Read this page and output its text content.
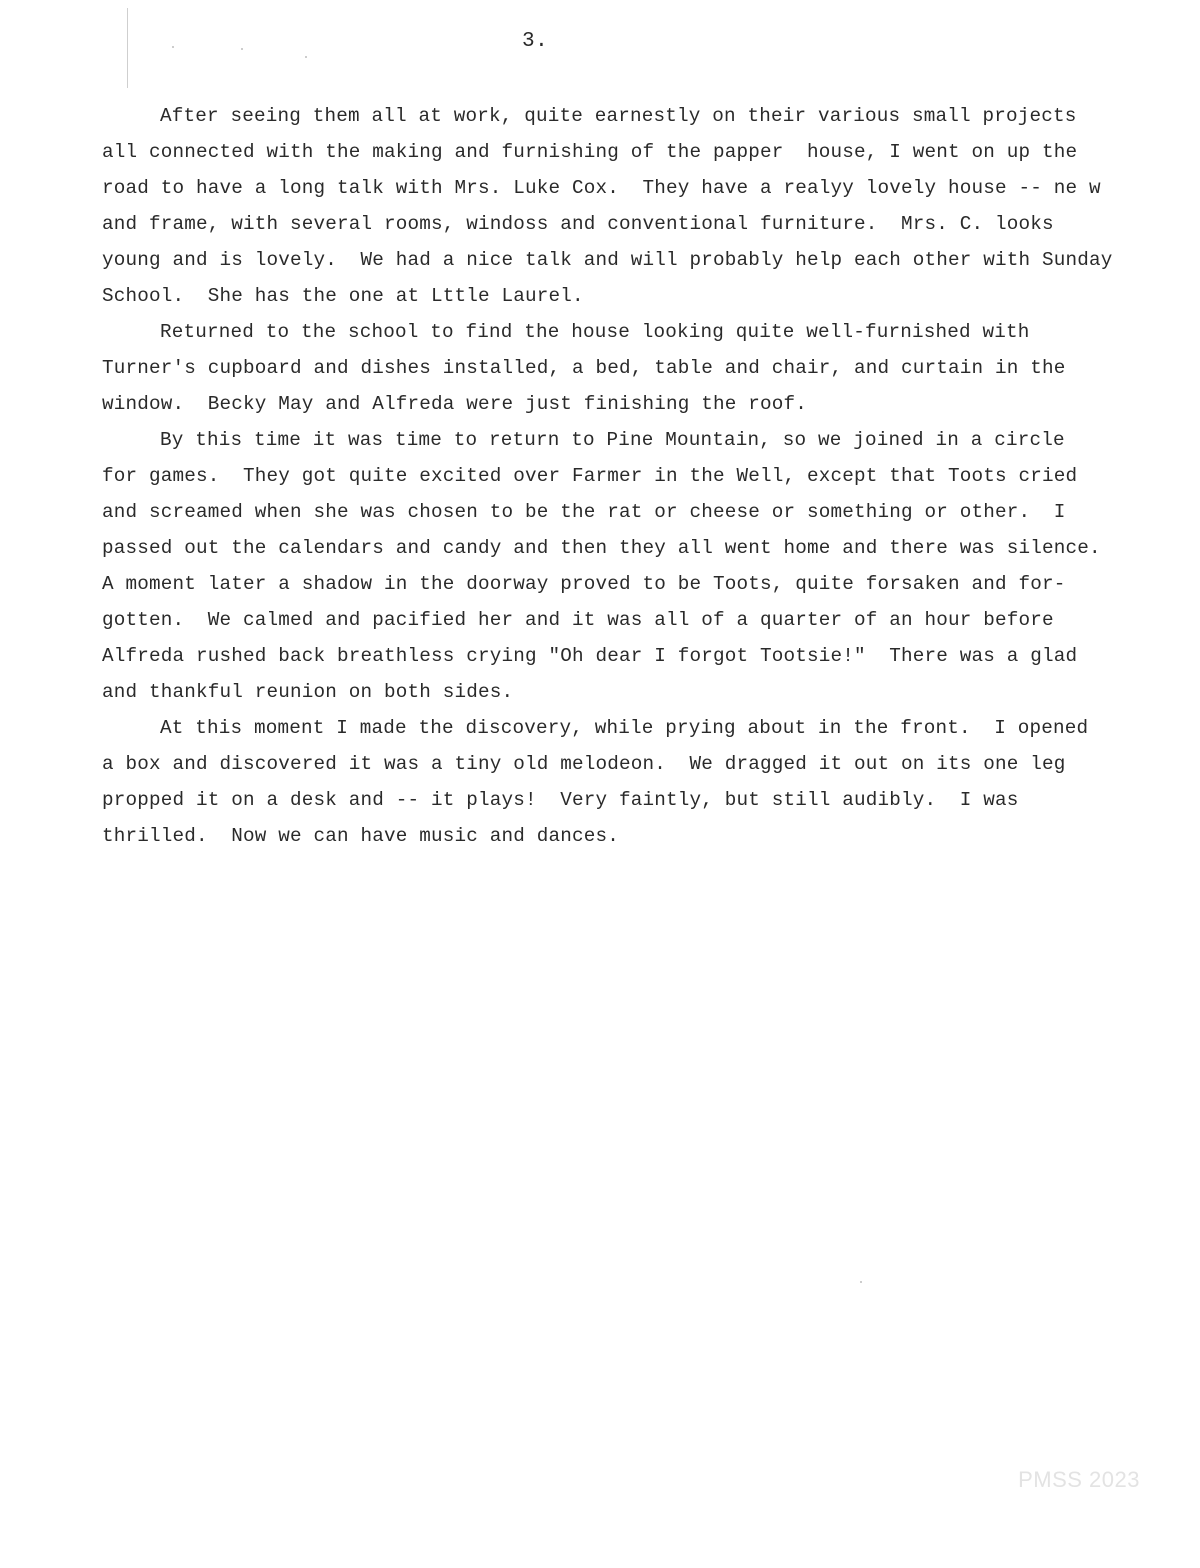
3.
After seeing them all at work, quite earnestly on their various small projects
all connected with the making and furnishing of the papper  house, I went on up the
road to have a long talk with Mrs. Luke Cox.  They have a realyy lovely house -- ne w
and frame, with several rooms, windoss and conventional furniture.  Mrs. C. looks
young and is lovely.  We had a nice talk and will probably help each other with Sunday
School.  She has the one at Lttle Laurel.
Returned to the school to find the house looking quite well-furnished with
Turner's cupboard and dishes installed, a bed, table and chair, and curtain in the
window.  Becky May and Alfreda were just finishing the roof.
By this time it was time to return to Pine Mountain, so we joined in a circle
for games.  They got quite excited over Farmer in the Well, except that Toots cried
and screamed when she was chosen to be the rat or cheese or something or other.  I
passed out the calendars and candy and then they all went home and there was silence.
A moment later a shadow in the doorway proved to be Toots, quite forsaken and for-
gotten.  We calmed and pacified her and it was all of a quarter of an hour before
Alfreda rushed back breathless crying "Oh dear I forgot Tootsie!"  There was a glad
and thankful reunion on both sides.
At this moment I made the discovery, while prying about in the front.  I opened
a box and discovered it was a tiny old melodeon.  We dragged it out on its one leg
propped it on a desk and -- it plays!  Very faintly, but still audibly.  I was
thrilled.  Now we can have music and dances.
PMSS 2023
